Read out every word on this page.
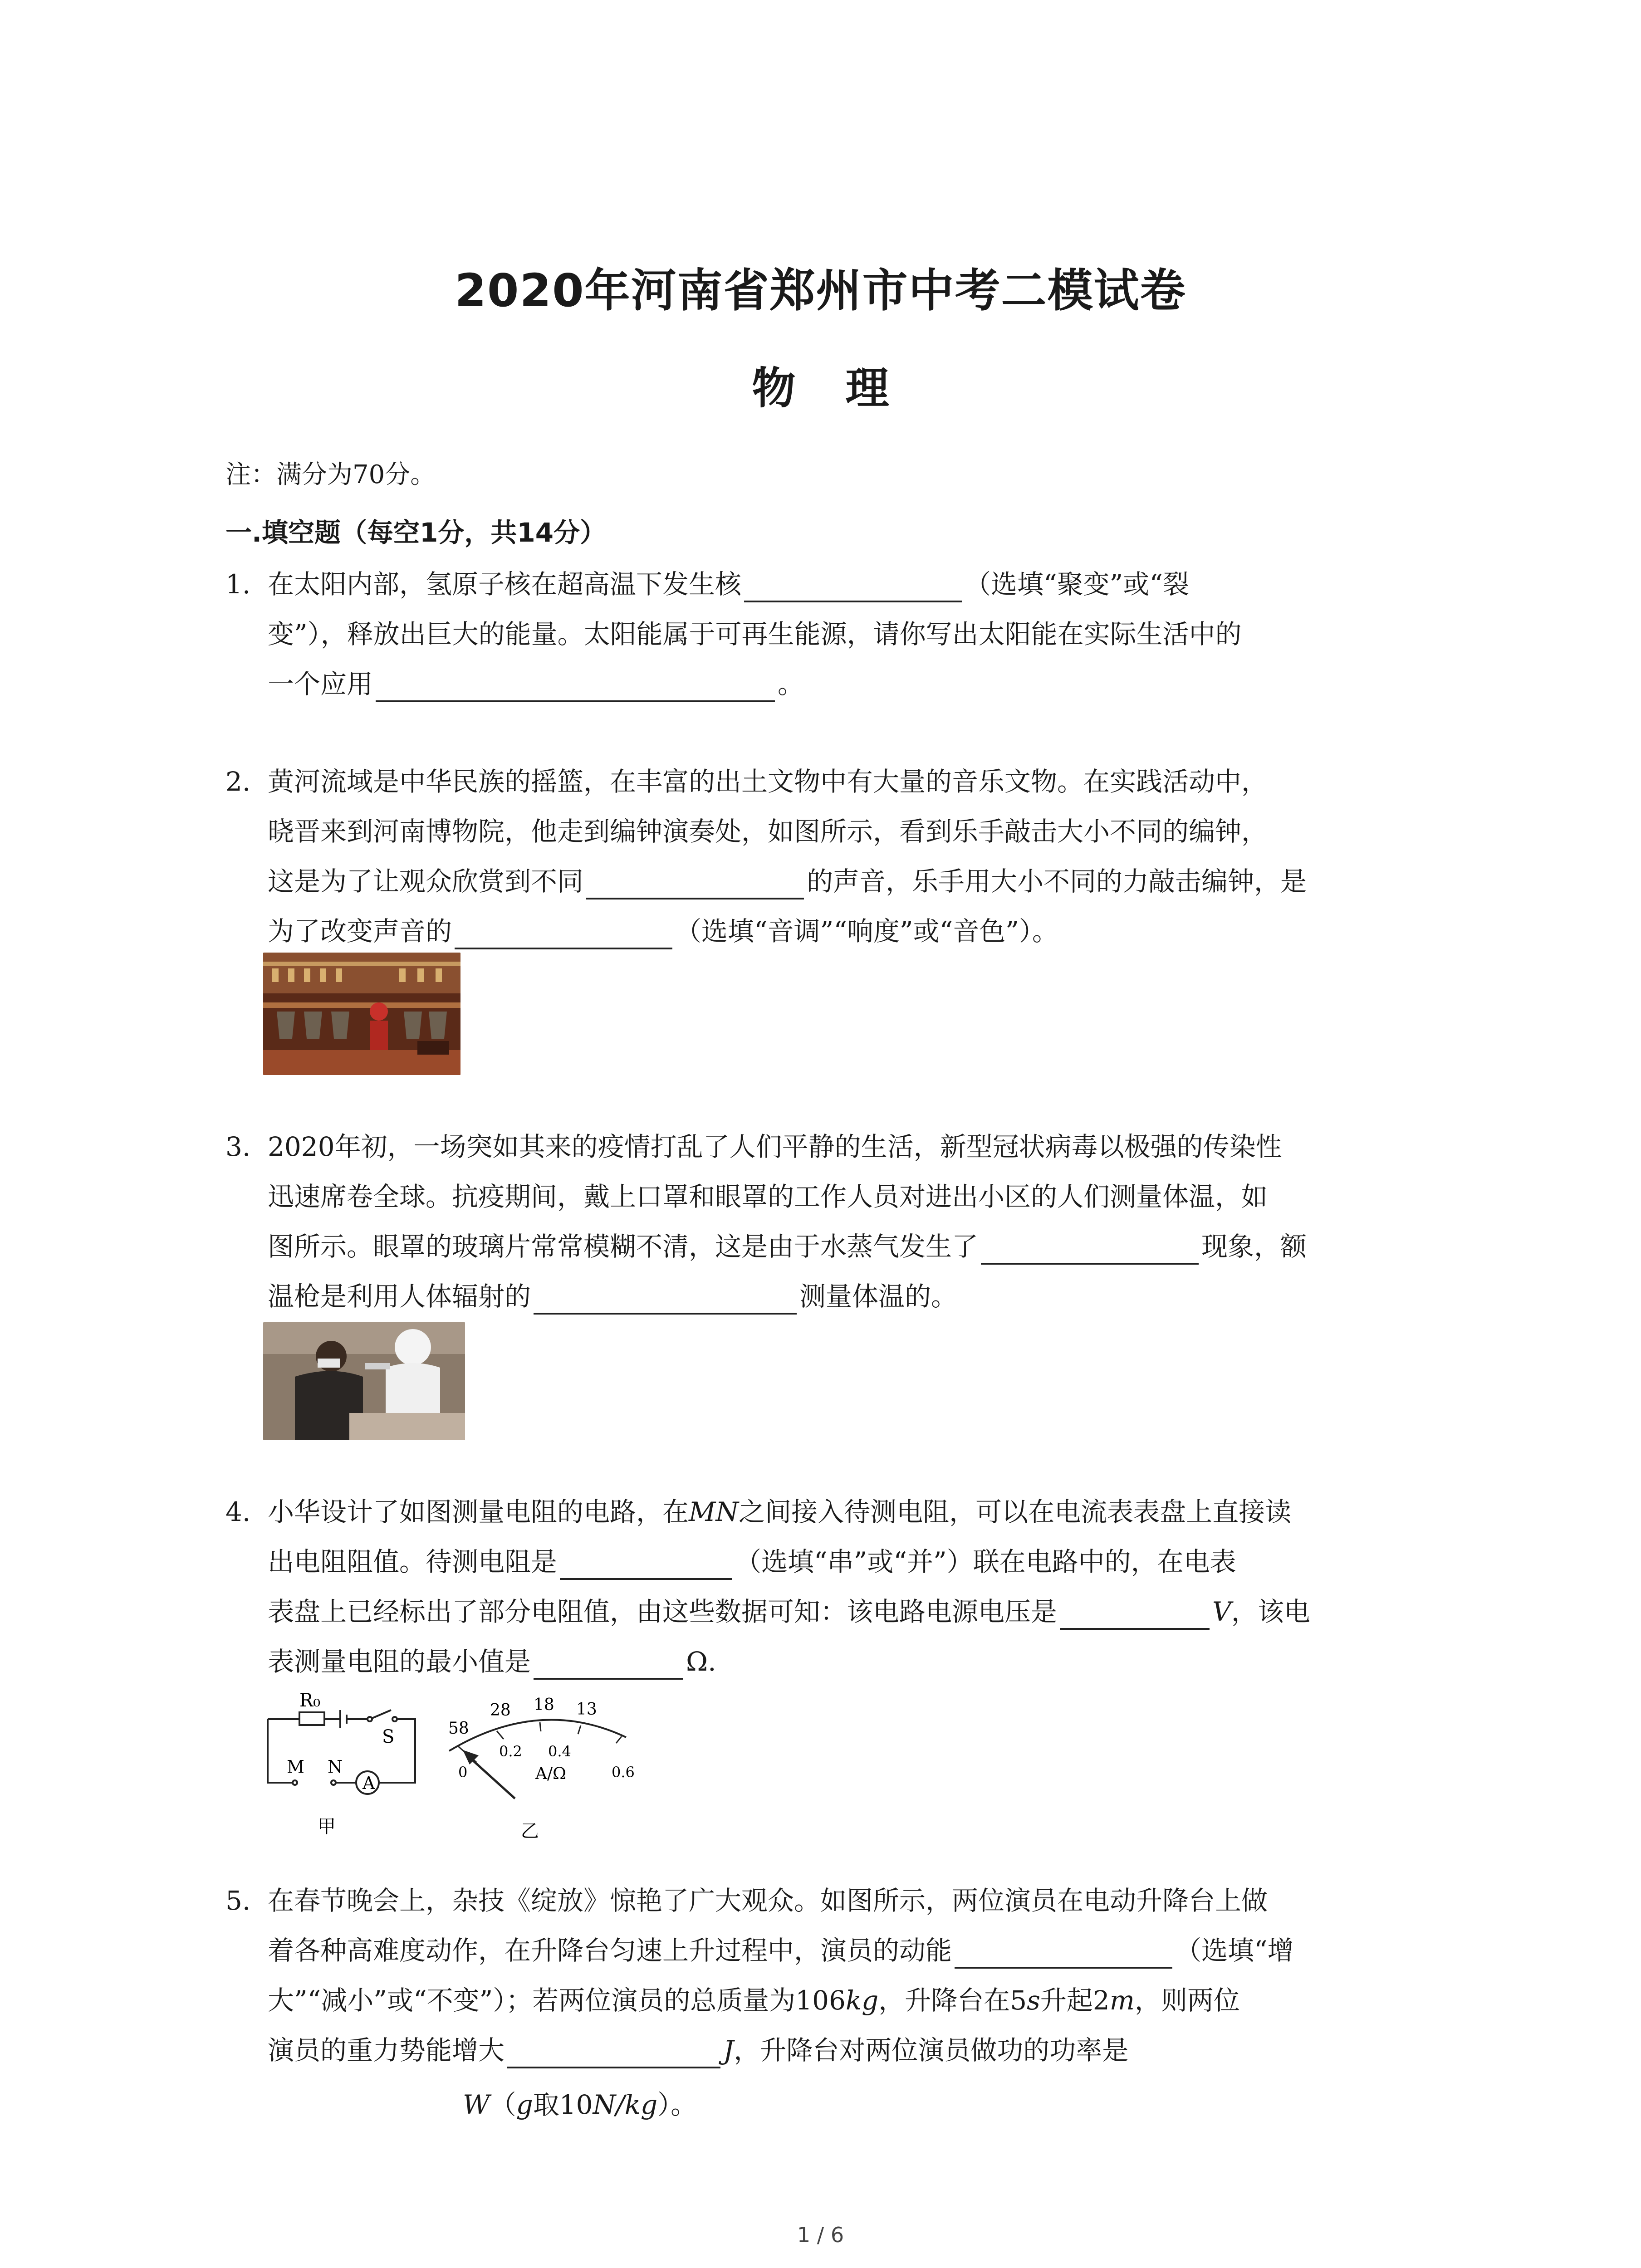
2020年河南省郑州市中考二模试卷
物理
注：满分为70分。
一.填空题（每空1分，共14分）
1. 在太阳内部，氢原子核在超高温下发生核	（选填“聚变”或“裂
变”），释放出巨大的能量。太阳能属于可再生能源，请你写出太阳能在实际生活中的
一个应用	。
2. 黄河流域是中华民族的摇篮，在丰富的出土文物中有大量的音乐文物。在实践活动中，
晓晋来到河南博物院，他走到编钟演奏处，如图所示，看到乐手敲击大小不同的编钟，
这是为了让观众欣赏到不同	的声音，乐手用大小不同的力敲击编钟，是
为了改变声音的	（选填“音调”“响度”或“音色”）。
3. 2020年初，一场突如其来的疫情打乱了人们平静的生活，新型冠状病毒以极强的传染性
迅速席卷全球。抗疫期间，戴上口罩和眼罩的工作人员对进出小区的人们测量体温，如
图所示。眼罩的玻璃片常常模糊不清，这是由于水蒸气发生了	现象，额
温枪是利用人体辐射的	测量体温的。
4. 小华设计了如图测量电阻的电路，在MN之间接入待测电阻，可以在电流表表盘上直接读
出电阻阻值。待测电阻是	（选填“串”或“并”）联在电路中的，在电表
表盘上已经标出了部分电阻值，由这些数据可知：该电路电源电压是	V，该电
表测量电阻的最小值是	Ω.
R₀
S
M N
A
甲
58
28 18 13
0
0.2 0.4
0.6
A/Ω
乙
5. 在春节晚会上，杂技《绽放》惊艳了广大观众。如图所示，两位演员在电动升降台上做
着各种高难度动作，在升降台匀速上升过程中，演员的动能	（选填“增
大”“减小”或“不变”）；若两位演员的总质量为106kg，升降台在5s升起2m，则两位
演员的重力势能增大	J，升降台对两位演员做功的功率是
W（g取10N/kg）。
1 / 6
